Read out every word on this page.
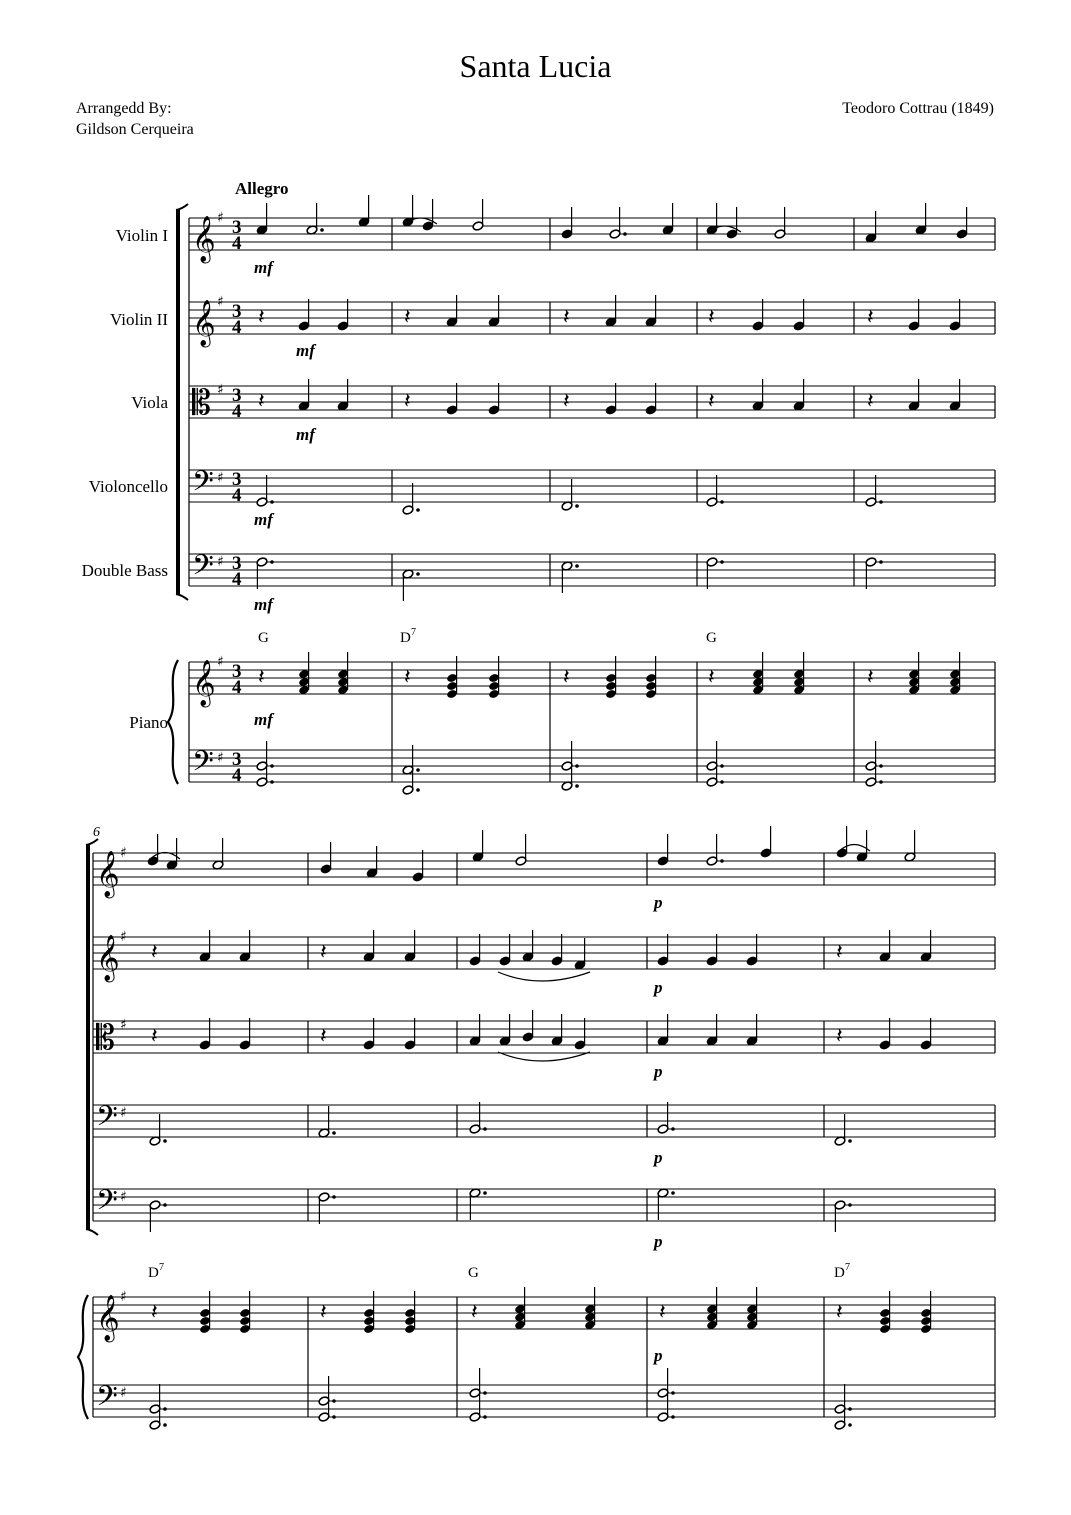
Santa Lucia
Arrangedd By:
Gildson Cerqueira
Teodoro Cottrau (1849)
Allegro
Violin I
Violin II
Viola
Violoncello
Double Bass
Piano
𝄞 ♯
𝄞 ♯
𝄡 ♯
𝄢 ♯
𝄢 ♯
𝄞 ♯
𝄢 ♯
𝄞 ♯
𝄞 ♯
𝄡 ♯
𝄢 ♯
𝄢 ♯
𝄞 ♯
𝄢 ♯
𝄽	𝄽	𝄽	𝄽	𝄽
𝄽	𝄽	𝄽	𝄽	𝄽
𝄽	𝄽	𝄽	𝄽	𝄽
𝄽	𝄽	𝄽
𝄽	𝄽	𝄽
𝄽	𝄽	𝄽	𝄽	𝄽
3
4
3
4
3
4
3
4
3
4
3
4
3
4
mf
mf
mf
mf
mf
mf
G	D 7	G
6
p
p
p
p
p
p
D 7	G	D 7
